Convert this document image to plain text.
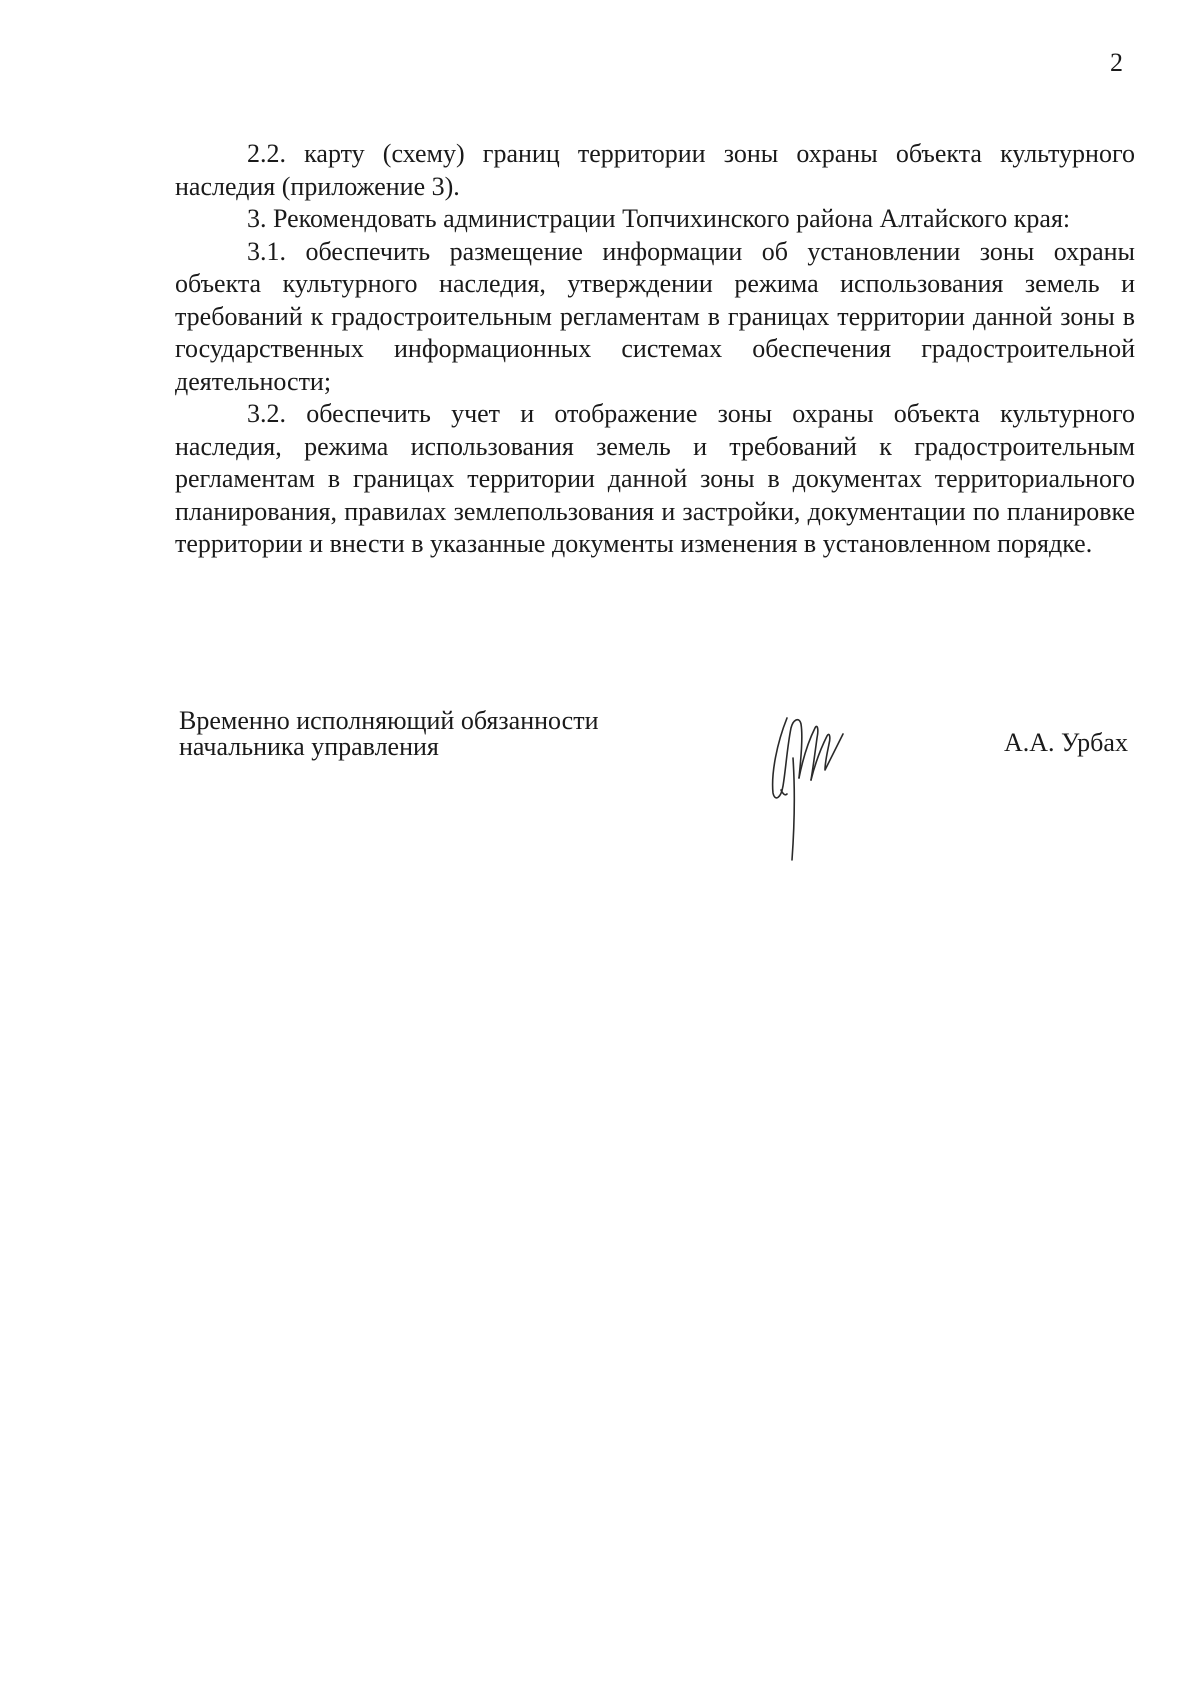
2

2.2. карту (схему) границ территории зоны охраны объекта культурного наследия (приложение 3).

3. Рекомендовать администрации Топчихинского района Алтайского края:

3.1. обеспечить размещение информации об установлении зоны охраны объекта культурного наследия, утверждении режима использования земель и требований к градостроительным регламентам в границах территории данной зоны в государственных информационных системах обеспечения градостроительной деятельности;

3.2. обеспечить учет и отображение зоны охраны объекта культурного наследия, режима использования земель и требований к градостроительным регламентам в границах территории данной зоны в документах территориального планирования, правилах землепользования и застройки, документации по планировке территории и внести в указанные документы изменения в установленном порядке.

Временно исполняющий обязанности
начальника управления	А.А. Урбах
